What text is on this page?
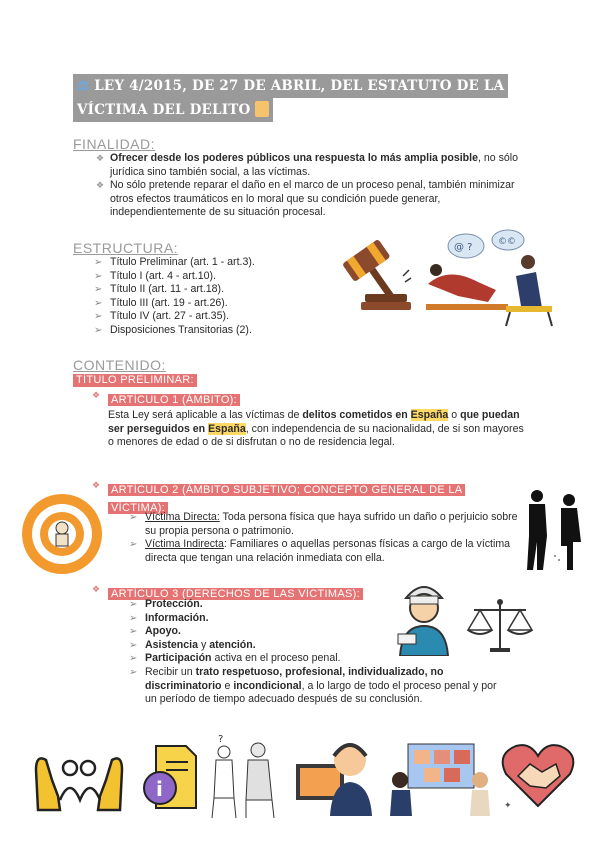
⚖ LEY 4/2015, DE 27 DE ABRIL, DEL ESTATUTO DE LA
VÍCTIMA DEL DELITO
FINALIDAD:
❖ Ofrecer desde los poderes públicos una respuesta lo más amplia posible, no sólo jurídica sino también social, a las víctimas.
❖ No sólo pretende reparar el daño en el marco de un proceso penal, también minimizar otros efectos traumáticos en lo moral que su condición puede generar, independientemente de su situación procesal.
ESTRUCTURA:
➢ Título Preliminar (art. 1 - art.3).
➢ Título I (art. 4 - art.10).
➢ Título II (art. 11 - art.18).
➢ Título III (art. 19 - art.26).
➢ Título IV (art. 27 - art.35).
➢ Disposiciones Transitorias (2).
@ ?	©©
CONTENIDO:
TÍTULO PRELIMINAR:
❖ ARTÍCULO 1 (ÁMBITO):
Esta Ley será aplicable a las víctimas de delitos cometidos en España o que puedan ser perseguidos en España, con independencia de su nacionalidad, de si son mayores o menores de edad o de si disfrutan o no de residencia legal.
❖ ARTÍCULO 2 (ÁMBITO SUBJETIVO; CONCEPTO GENERAL DE LA
VÍCTIMA):
➢ Víctima Directa: Toda persona física que haya sufrido un daño o perjuicio sobre su propia persona o patrimonio.
➢ Víctima Indirecta: Familiares o aquellas personas físicas a cargo de la víctima directa que tengan una relación inmediata con ella.
❖ ARTÍCULO 3 (DERECHOS DE LAS VÍCTIMAS):
➢ Protección.
➢ Información.
➢ Apoyo.
➢ Asistencia y atención.
➢ Participación activa en el proceso penal.
➢ Recibir un trato respetuoso, profesional, individualizado, no discriminatorio e incondicional, a lo largo de todo el proceso penal y por un período de tiempo adecuado después de su conclusión.
i
?
✦
